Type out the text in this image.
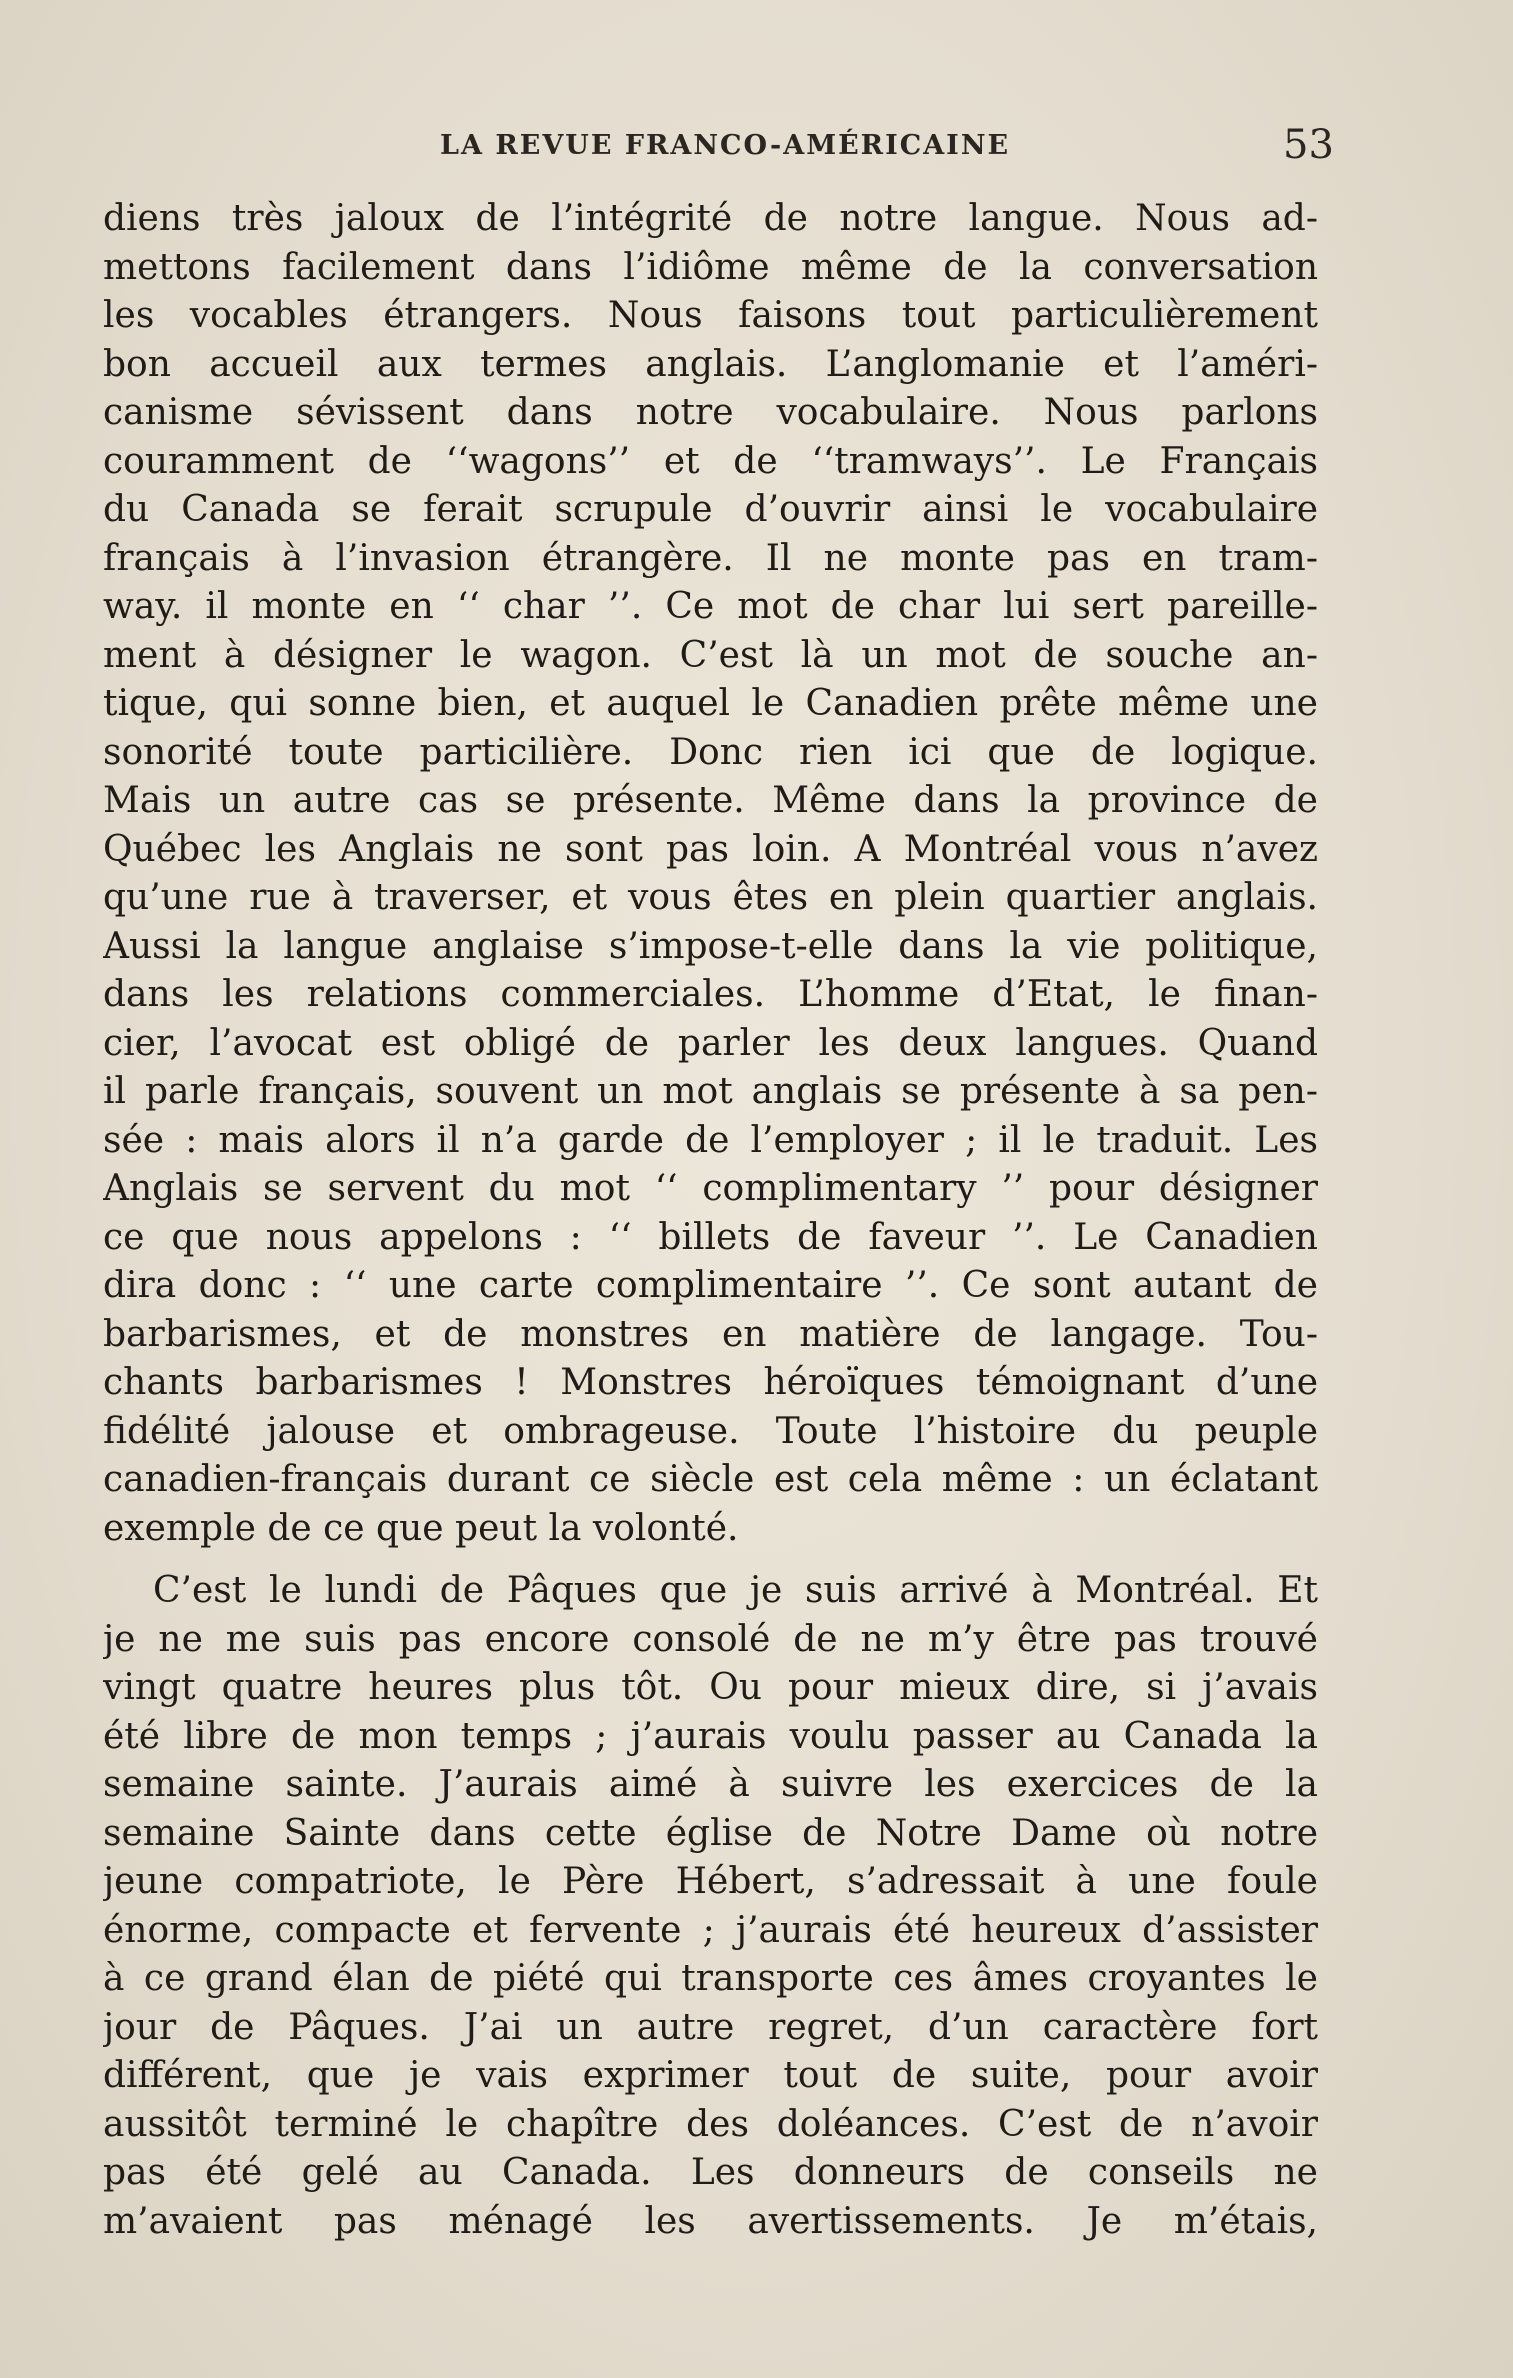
LA REVUE FRANCO-AMÉRICAINE	53
diens très jaloux de l’intégrité de notre langue. Nous ad-
mettons facilement dans l’idiôme même de la conversation
les vocables étrangers. Nous faisons tout particulièrement
bon accueil aux termes anglais. L’anglomanie et l’améri-
canisme sévissent dans notre vocabulaire. Nous parlons
couramment de ‘‘wagons’’ et de ‘‘tramways’’. Le Français
du Canada se ferait scrupule d’ouvrir ainsi le vocabulaire
français à l’invasion étrangère. Il ne monte pas en tram-
way. il monte en ‘‘ char ’’. Ce mot de char lui sert pareille-
ment à désigner le wagon. C’est là un mot de souche an-
tique, qui sonne bien, et auquel le Canadien prête même une
sonorité toute particilière. Donc rien ici que de logique.
Mais un autre cas se présente. Même dans la province de
Québec les Anglais ne sont pas loin. A Montréal vous n’avez
qu’une rue à traverser, et vous êtes en plein quartier anglais.
Aussi la langue anglaise s’impose-t-elle dans la vie politique,
dans les relations commerciales. L’homme d’Etat, le finan-
cier, l’avocat est obligé de parler les deux langues. Quand
il parle français, souvent un mot anglais se présente à sa pen-
sée : mais alors il n’a garde de l’employer ; il le traduit. Les
Anglais se servent du mot ‘‘ complimentary ’’ pour désigner
ce que nous appelons : ‘‘ billets de faveur ’’. Le Canadien
dira donc : ‘‘ une carte complimentaire ’’. Ce sont autant de
barbarismes, et de monstres en matière de langage. Tou-
chants barbarismes ! Monstres héroïques témoignant d’une
fidélité jalouse et ombrageuse. Toute l’histoire du peuple
canadien-français durant ce siècle est cela même : un éclatant
exemple de ce que peut la volonté.
C’est le lundi de Pâques que je suis arrivé à Montréal. Et
je ne me suis pas encore consolé de ne m’y être pas trouvé
vingt quatre heures plus tôt. Ou pour mieux dire, si j’avais
été libre de mon temps ; j’aurais voulu passer au Canada la
semaine sainte. J’aurais aimé à suivre les exercices de la
semaine Sainte dans cette église de Notre Dame où notre
jeune compatriote, le Père Hébert, s’adressait à une foule
énorme, compacte et fervente ; j’aurais été heureux d’assister
à ce grand élan de piété qui transporte ces âmes croyantes le
jour de Pâques. J’ai un autre regret, d’un caractère fort
différent, que je vais exprimer tout de suite, pour avoir
aussitôt terminé le chapître des doléances. C’est de n’avoir
pas été gelé au Canada. Les donneurs de conseils ne
m’avaient pas ménagé les avertissements. Je m’étais,
